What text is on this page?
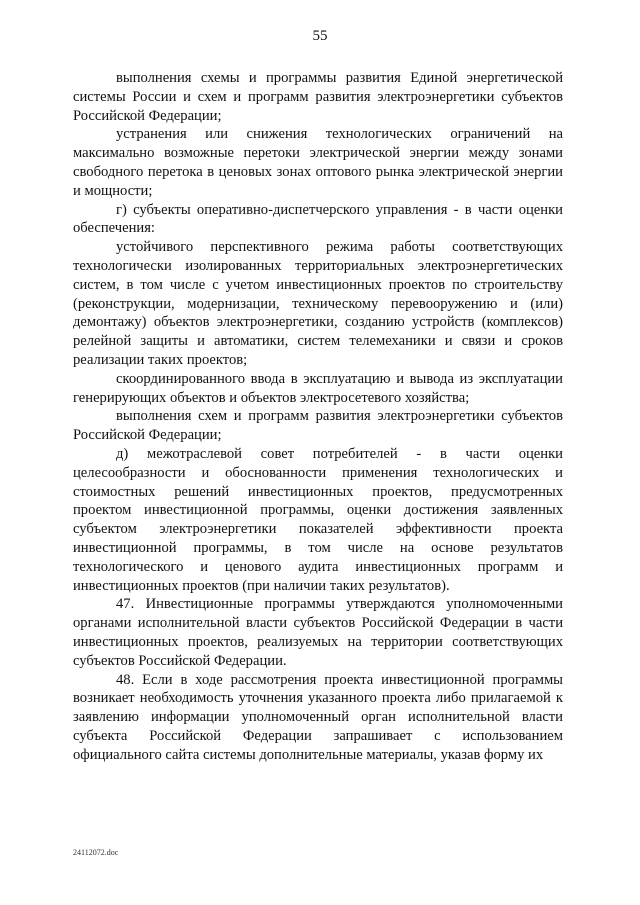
55

выполнения схемы и программы развития Единой энергетической системы России и схем и программ развития электроэнергетики субъектов Российской Федерации;

устранения или снижения технологических ограничений на максимально возможные перетоки электрической энергии между зонами свободного перетока в ценовых зонах оптового рынка электрической энергии и мощности;

г) субъекты оперативно-диспетчерского управления - в части оценки обеспечения:

устойчивого перспективного режима работы соответствующих технологически изолированных территориальных электроэнергетических систем, в том числе с учетом инвестиционных проектов по строительству (реконструкции, модернизации, техническому перевооружению и (или) демонтажу) объектов электроэнергетики, созданию устройств (комплексов) релейной защиты и автоматики, систем телемеханики и связи и сроков реализации таких проектов;

скоординированного ввода в эксплуатацию и вывода из эксплуатации генерирующих объектов и объектов электросетевого хозяйства;

выполнения схем и программ развития электроэнергетики субъектов Российской Федерации;

д) межотраслевой совет потребителей - в части оценки целесообразности и обоснованности применения технологических и стоимостных решений инвестиционных проектов, предусмотренных проектом инвестиционной программы, оценки достижения заявленных субъектом электроэнергетики показателей эффективности проекта инвестиционной программы, в том числе на основе результатов технологического и ценового аудита инвестиционных программ и инвестиционных проектов (при наличии таких результатов).

47. Инвестиционные программы утверждаются уполномоченными органами исполнительной власти субъектов Российской Федерации в части инвестиционных проектов, реализуемых на территории соответствующих субъектов Российской Федерации.

48. Если в ходе рассмотрения проекта инвестиционной программы возникает необходимость уточнения указанного проекта либо прилагаемой к заявлению информации уполномоченный орган исполнительной власти субъекта Российской Федерации запрашивает с использованием официального сайта системы дополнительные материалы, указав форму их

24112072.doc
